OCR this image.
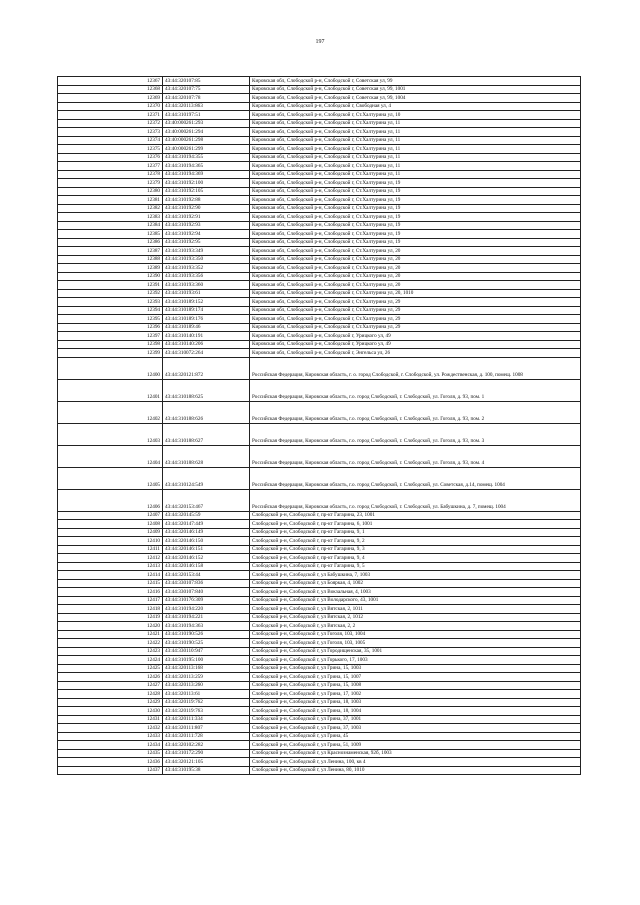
197
12367	43:44:320107:85	Кировская обл, Слободской р-н, Слободской г, Советская ул, 99
12368	43:44:320107:75	Кировская обл, Слободской р-н, Слободской г, Советская ул, 99, 1001
12369	43:44:320107:78	Кировская обл, Слободской р-н, Слободской г, Советская ул, 99, 1004
12370	43:44:320113:863	Кировская обл, Слободской р-н, Слободской г, Свободная ул, 4
12371	43:44:310197:51	Кировская обл, Слободской р-н, Слободской г, Ст.Халтурина ул, 10
12372	43:40:000261:293	Кировская обл, Слободской р-н, Слободской г, Ст.Халтурина ул, 11
12373	43:40:000261:294	Кировская обл, Слободской р-н, Слободской г, Ст.Халтурина ул, 11
12374	43:40:000261:298	Кировская обл, Слободской р-н, Слободской г, Ст.Халтурина ул, 11
12375	43:40:000261:299	Кировская обл, Слободской р-н, Слободской г, Ст.Халтурина ул, 11
12376	43:44:310194:355	Кировская обл, Слободской р-н, Слободской г, Ст.Халтурина ул, 11
12377	43:44:310194:365	Кировская обл, Слободской р-н, Слободской г, Ст.Халтурина ул, 11
12378	43:44:310194:369	Кировская обл, Слободской р-н, Слободской г, Ст.Халтурина ул, 11
12379	43:44:310192:100	Кировская обл, Слободской р-н, Слободской г, Ст.Халтурина ул, 19
12380	43:44:310192:105	Кировская обл, Слободской р-н, Слободской г, Ст.Халтурина ул, 19
12381	43:44:310192:88	Кировская обл, Слободской р-н, Слободской г, Ст.Халтурина ул, 19
12382	43:44:310192:90	Кировская обл, Слободской р-н, Слободской г, Ст.Халтурина ул, 19
12383	43:44:310192:91	Кировская обл, Слободской р-н, Слободской г, Ст.Халтурина ул, 19
12384	43:44:310192:93	Кировская обл, Слободской р-н, Слободской г, Ст.Халтурина ул, 19
12385	43:44:310192:94	Кировская обл, Слободской р-н, Слободской г, Ст.Халтурина ул, 19
12386	43:44:310192:95	Кировская обл, Слободской р-н, Слободской г, Ст.Халтурина ул, 19
12387	43:44:310193:349	Кировская обл, Слободской р-н, Слободской г, Ст.Халтурина ул, 20
12388	43:44:310193:350	Кировская обл, Слободской р-н, Слободской г, Ст.Халтурина ул, 20
12389	43:44:310193:352	Кировская обл, Слободской р-н, Слободской г, Ст.Халтурина ул, 20
12390	43:44:310193:356	Кировская обл, Слободской р-н, Слободской г, Ст.Халтурина ул, 20
12391	43:44:310193:360	Кировская обл, Слободской р-н, Слободской г, Ст.Халтурина ул, 20
12392	43:44:310193:61	Кировская обл, Слободской р-н, Слободской г, Ст.Халтурина ул, 20, 1010
12393	43:44:310189:152	Кировская обл, Слободской р-н, Слободской г, Ст.Халтурина ул, 29
12394	43:44:310189:174	Кировская обл, Слободской р-н, Слободской г, Ст.Халтурина ул, 29
12395	43:44:310189:176	Кировская обл, Слободской р-н, Слободской г, Ст.Халтурина ул, 29
12396	43:44:310189:46	Кировская обл, Слободской р-н, Слободской г, Ст.Халтурина ул, 29
12397	43:44:310140:191	Кировская обл, Слободской р-н, Слободской г, Урицкого ул, 49
12398	43:44:310140:206	Кировская обл, Слободской р-н, Слободской г, Урицкого ул, 49
12399	43:44:310072:264	Кировская обл, Слободской р-н, Слободской г, Энгельса ул, 26
12400	43:44:320121:872	Российская Федерация, Кировская область, г. о. город Слободской, г. Слободской, ул. Рождественская, д. 100, помещ. 1008
12401	43:44:310188:625	Российская Федерация, Кировская область, г.о. город Слободской, г. Слободской, ул. Гоголя, д. 93, пом. 1
12402	43:44:310188:626	Российская Федерация, Кировская область, г.о. город Слободской, г. Слободской, ул. Гоголя, д. 93, пом. 2
12403	43:44:310188:627	Российская Федерация, Кировская область, г.о. город Слободской, г. Слободской, ул. Гоголя, д. 93, пом. 3
12404	43:44:310188:628	Российская Федерация, Кировская область, г.о. город Слободской, г. Слободской, ул. Гоголя, д. 93, пом. 4
12405	43:44:310124:549	Российская Федерация, Кировская область, г.о. город Слободской, г. Слободской, ул. Советская, д.14, помещ. 1004
12406	43:44:320153:467	Российская Федерация, Кировская область, г.о. город Слободской, г. Слободской, ул. Бабушкина, д. 7, помещ. 1004
12407	43:44:320145:59	Слободской р-н, Слободской г, пр-кт Гагарина, 23, 1001
12408	43:44:320147:449	Слободской р-н, Слободской г, пр-кт Гагарина, 6, 1001
12409	43:44:320146:149	Слободской р-н, Слободской г, пр-кт Гагарина, 9, 1
12410	43:44:320146:150	Слободской р-н, Слободской г, пр-кт Гагарина, 9, 2
12411	43:44:320146:151	Слободской р-н, Слободской г, пр-кт Гагарина, 9, 3
12412	43:44:320146:152	Слободской р-н, Слободской г, пр-кт Гагарина, 9, 4
12413	43:44:320146:158	Слободской р-н, Слободской г, пр-кт Гагарина, 9, 5
12414	43:44:320153:44	Слободской р-н, Слободской г, ул Бабушкина, 7, 1003
12415	43:44:330107:836	Слободской р-н, Слободской г, ул Бояркая, 4, 1002
12416	43:44:330107:840	Слободской р-н, Слободской г, ул Вокзальная, 4, 1003
12417	43:44:310176:309	Слободской р-н, Слободской г, ул Володарского, 43, 1001
12418	43:44:310194:220	Слободской р-н, Слободской г, ул Вятская, 2, 1011
12419	43:44:310194:221	Слободской р-н, Слободской г, ул Вятская, 2, 1012
12420	43:44:310194:363	Слободской р-н, Слободской г, ул Вятская, 2, 2
12421	43:44:310190:526	Слободской р-н, Слободской г, ул Гоголя, 103, 1004
12422	43:44:310190:525	Слободской р-н, Слободской г, ул Гоголя, 103, 1005
12423	43:44:330110:947	Слободской р-н, Слободской г, ул Городищенская, 35, 1001
12424	43:44:310195:100	Слободской р-н, Слободской г, ул Горького, 17, 1003
12425	43:44:320113:168	Слободской р-н, Слободской г, ул Грина, 15, 1003
12426	43:44:320113:259	Слободской р-н, Слободской г, ул Грина, 15, 1007
12427	43:44:320113:260	Слободской р-н, Слободской г, ул Грина, 15, 1008
12428	43:44:320113:61	Слободской р-н, Слободской г, ул Грина, 17, 1002
12429	43:44:320119:762	Слободской р-н, Слободской г, ул Грина, 18, 1003
12430	43:44:320119:763	Слободской р-н, Слободской г, ул Грина, 18, 1004
12431	43:44:320111:334	Слободской р-н, Слободской г, ул Грина, 37, 1001
12432	43:44:320111:807	Слободской р-н, Слободской г, ул Грина, 37, 1003
12433	43:44:320111:728	Слободской р-н, Слободской г, ул Грина, 45
12434	43:44:320102:282	Слободской р-н, Слободской г, ул Грина, 51, 1009
12435	43:44:310172:290	Слободской р-н, Слободской г, ул Краснознаменская, 92б, 1003
12436	43:44:320121:105	Слободской р-н, Слободской г, ул Ленина, 100, кв 4
12437	43:44:310195:38	Слободской р-н, Слободской г, ул Ленина, 80, 1010
